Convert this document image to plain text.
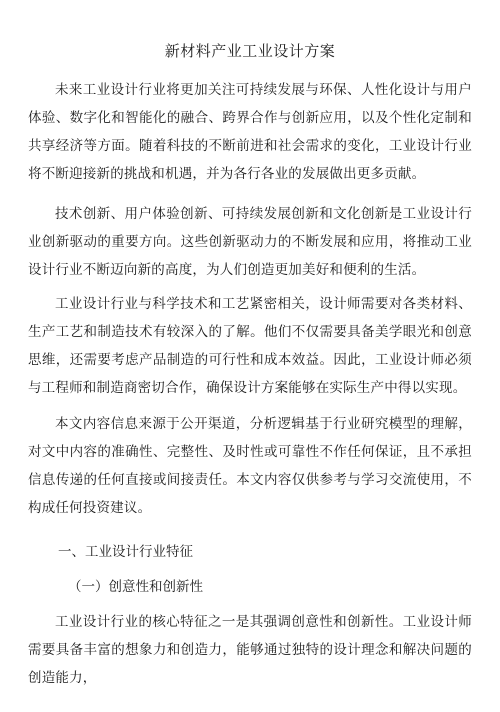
新材料产业工业设计方案

未来工业设计行业将更加关注可持续发展与环保、人性化设计与用户 体验、数字化和智能化的融合、跨界合作与创新应用，以及个性化定制和 共享经济等方面。随着科技的不断前进和社会需求的变化，工业设计行业 将不断迎接新的挑战和机遇，并为各行各业的发展做出更多贡献。

技术创新、用户体验创新、可持续发展创新和文化创新是工业设计行 业创新驱动的重要方向。这些创新驱动力的不断发展和应用，将推动工业 设计行业不断迈向新的高度，为人们创造更加美好和便利的生活。

工业设计行业与科学技术和工艺紧密相关，设计师需要对各类材料、 生产工艺和制造技术有较深入的了解。他们不仅需要具备美学眼光和创意 思维，还需要考虑产品制造的可行性和成本效益。因此，工业设计师必须 与工程师和制造商密切合作，确保设计方案能够在实际生产中得以实现。

本文内容信息来源于公开渠道，分析逻辑基于行业研究模型的理解， 对文中内容的准确性、完整性、及时性或可靠性不作任何保证，且不承担 信息传递的任何直接或间接责任。本文内容仅供参考与学习交流使用，不 构成任何投资建议。

一、工业设计行业特征
（一）创意性和创新性

工业设计行业的核心特征之一是其强调创意性和创新性。工业设计师 需要具备丰富的想象力和创造力，能够通过独特的设计理念和解决问题的 创造能力，
